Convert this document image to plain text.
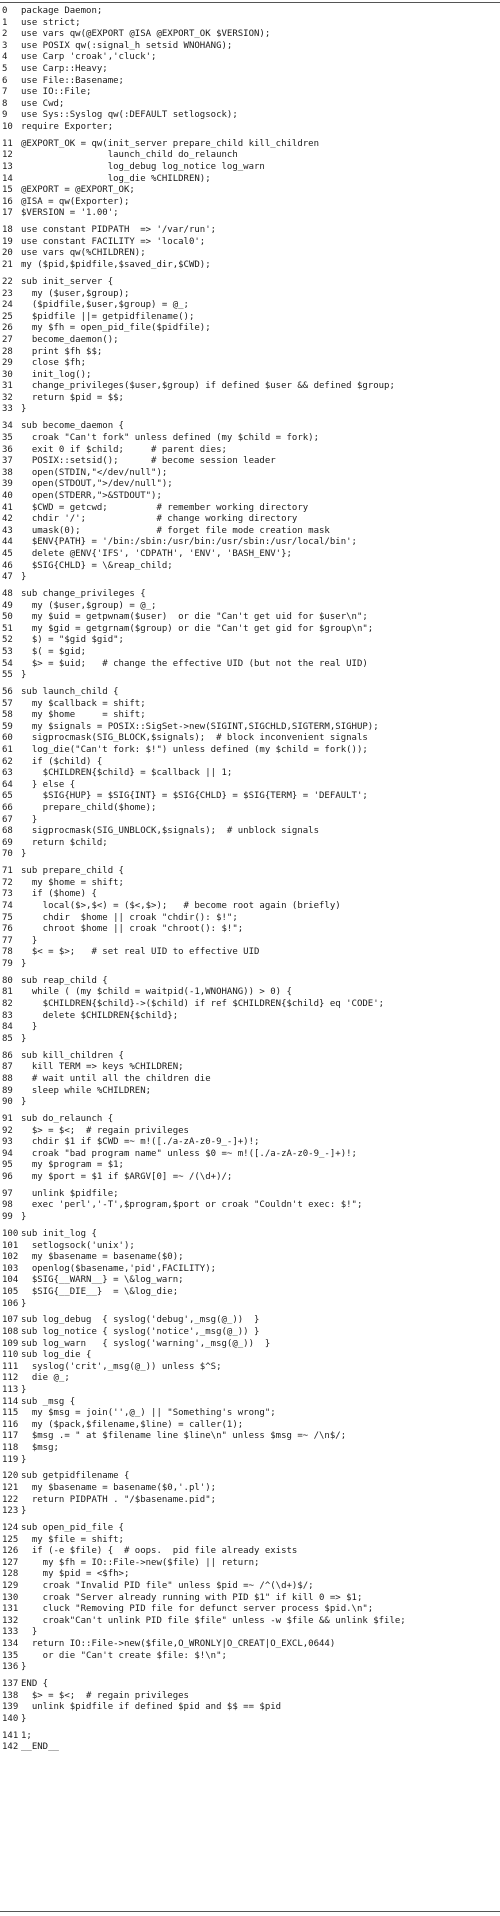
0 package Daemon;
1 use strict;
2 use vars qw(@EXPORT @ISA @EXPORT_OK $VERSION);
3 use POSIX qw(:signal_h setsid WNOHANG);
4 use Carp 'croak','cluck';
5 use Carp::Heavy;
6 use File::Basename;
7 use IO::File;
8 use Cwd;
9 use Sys::Syslog qw(:DEFAULT setlogsock);
10 require Exporter;
11 @EXPORT_OK = qw(init_server prepare_child kill_children
12                launch_child do_relaunch
13                log_debug log_notice log_warn
14                log_die %CHILDREN);
15 @EXPORT = @EXPORT_OK;
16 @ISA = qw(Exporter);
17 $VERSION = '1.00';
18 use constant PIDPATH  => '/var/run';
19 use constant FACILITY => 'local0';
20 use vars qw(%CHILDREN);
21 my ($pid,$pidfile,$saved_dir,$CWD);
22 sub init_server {
23  my ($user,$group);
24  ($pidfile,$user,$group) = @_;
25  $pidfile ||= getpidfilename();
26  my $fh = open_pid_file($pidfile);
27  become_daemon();
28  print $fh $$;
29  close $fh;
30  init_log();
31  change_privileges($user,$group) if defined $user && defined $group;
32  return $pid = $$;
33 }
34 sub become_daemon {
35  croak "Can't fork" unless defined (my $child = fork);
36  exit 0 if $child;     # parent dies;
37  POSIX::setsid();      # become session leader
38  open(STDIN,"</dev/null");
39  open(STDOUT,">/dev/null");
40  open(STDERR,">&STDOUT");
41  $CWD = getcwd;         # remember working directory
42  chdir '/';             # change working directory
43  umask(0);              # forget file mode creation mask
44  $ENV{PATH} = '/bin:/sbin:/usr/bin:/usr/sbin:/usr/local/bin';
45  delete @ENV{'IFS', 'CDPATH', 'ENV', 'BASH_ENV'};
46  $SIG{CHLD} = \&reap_child;
47 }
48 sub change_privileges {
49  my ($user,$group) = @_;
50  my $uid = getpwnam($user)  or die "Can't get uid for $user\n";
51  my $gid = getgrnam($group) or die "Can't get gid for $group\n";
52  $) = "$gid $gid";
53  $( = $gid;
54  $> = $uid;   # change the effective UID (but not the real UID)
55 }
56 sub launch_child {
57  my $callback = shift;
58  my $home     = shift;
59  my $signals = POSIX::SigSet->new(SIGINT,SIGCHLD,SIGTERM,SIGHUP);
60  sigprocmask(SIG_BLOCK,$signals);  # block inconvenient signals
61  log_die("Can't fork: $!") unless defined (my $child = fork());
62  if ($child) {
63    $CHILDREN{$child} = $callback || 1;
64  } else {
65    $SIG{HUP} = $SIG{INT} = $SIG{CHLD} = $SIG{TERM} = 'DEFAULT';
66    prepare_child($home);
67  }
68  sigprocmask(SIG_UNBLOCK,$signals);  # unblock signals
69  return $child;
70 }
71 sub prepare_child {
72  my $home = shift;
73  if ($home) {
74    local($>,$<) = ($<,$>);   # become root again (briefly)
75    chdir  $home || croak "chdir(): $!";
76    chroot $home || croak "chroot(): $!";
77  }
78  $< = $>;   # set real UID to effective UID
79 }
80 sub reap_child {
81  while ( (my $child = waitpid(-1,WNOHANG)) > 0) {
82    $CHILDREN{$child}->($child) if ref $CHILDREN{$child} eq 'CODE';
83    delete $CHILDREN{$child};
84  }
85 }
86 sub kill_children {
87  kill TERM => keys %CHILDREN;
88  # wait until all the children die
89  sleep while %CHILDREN;
90 }
91 sub do_relaunch {
92  $> = $<;  # regain privileges
93  chdir $1 if $CWD =~ m!([./a-zA-z0-9_-]+)!;
94  croak "bad program name" unless $0 =~ m!([./a-zA-z0-9_-]+)!;
95  my $program = $1;
96  my $port = $1 if $ARGV[0] =~ /(\d+)/;
97  unlink $pidfile;
98  exec 'perl','-T',$program,$port or croak "Couldn't exec: $!";
99 }
100 sub init_log {
101  setlogsock('unix');
102  my $basename = basename($0);
103  openlog($basename,'pid',FACILITY);
104  $SIG{__WARN__} = \&log_warn;
105  $SIG{__DIE__}  = \&log_die;
106 }
107 sub log_debug  { syslog('debug',_msg(@_))  }
108 sub log_notice { syslog('notice',_msg(@_)) }
109 sub log_warn   { syslog('warning',_msg(@_))  }
110 sub log_die {
111  syslog('crit',_msg(@_)) unless $^S;
112  die @_;
113 }
114 sub _msg {
115  my $msg = join('',@_) || "Something's wrong";
116  my ($pack,$filename,$line) = caller(1);
117  $msg .= " at $filename line $line\n" unless $msg =~ /\n$/;
118  $msg;
119 }
120 sub getpidfilename {
121  my $basename = basename($0,'.pl');
122  return PIDPATH . "/$basename.pid";
123 }
124 sub open_pid_file {
125  my $file = shift;
126  if (-e $file) {  # oops.  pid file already exists
127    my $fh = IO::File->new($file) || return;
128    my $pid = <$fh>;
129    croak "Invalid PID file" unless $pid =~ /^(\d+)$/;
130    croak "Server already running with PID $1" if kill 0 => $1;
131    cluck "Removing PID file for defunct server process $pid.\n";
132    croak"Can't unlink PID file $file" unless -w $file && unlink $file;
133  }
134  return IO::File->new($file,O_WRONLY|O_CREAT|O_EXCL,0644)
135    or die "Can't create $file: $!\n";
136 }
137 END {
138  $> = $<;  # regain privileges
139  unlink $pidfile if defined $pid and $$ == $pid
140 }
141 1;
142 __END__
